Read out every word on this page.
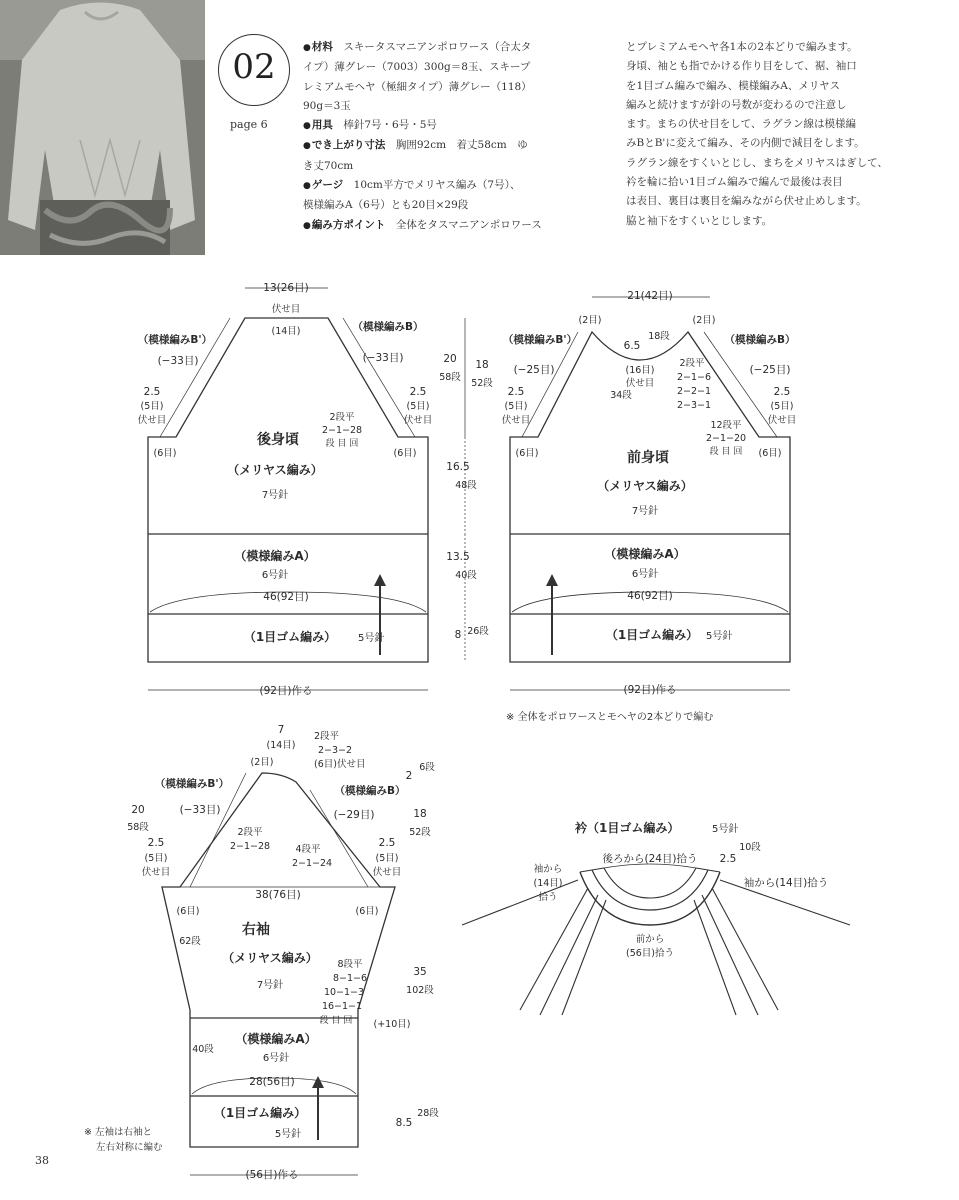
02
page 6

●材料　 スキータスマニアンポロワース（合太タ
イプ）薄グレー（7003）300g＝8玉、スキープ
レミアムモヘヤ（極細タイプ）薄グレー（118）
90g＝3玉

●用具　 棒針7号・6号・5号

●でき上がり寸法　 胸囲92cm　着丈58cm　ゆ
き丈70cm

●ゲージ　 10cm平方でメリヤス編み（7号）、
模様編みA（6号）とも20目×29段

●編み方ポイント　 全体をタスマニアンポロワース

とプレミアムモヘヤ各1本の2本どりで編みます。
身頃、袖とも指でかける作り目をして、裾、袖口
を1目ゴム編みで編み、模様編みA、メリヤス
編みと続けますが針の号数が変わるので注意し
ます。まちの伏せ目をして、ラグラン線は模様編
みBとB'に変えて編み、その内側で減目をします。
ラグラン線をすくいとじし、まちをメリヤスはぎして、
衿を輪に拾い1目ゴム編みで編んで最後は表目
は表目、裏目は裏目を編みながら伏せ止めします。
脇と袖下をすくいとじします。
13(26目)
伏せ目
(14目)
（模様編みB'）
（模様編みB）
(−33目)	(−33目)
2.5
(5目)
伏せ目
2.5
(5目)
伏せ目
(6目)	(6目)
2段平
2−1−28
段 目 回
後身頃
（メリヤス編み）
7号針
（模様編みA）
6号針
46(92目)
（1目ゴム編み） 5号針
(92目)作る
20
58段
16.5
48段
13.5
40段
8 26段
21(42目)
(2目)	(2目)
6.5
18段
(16目)
伏せ目
（模様編みB'）	（模様編みB）
(−25目)	(−25目)
2段平
2−1−6
2−2−1
2−3−1
34段
12段平
2−1−20
段 目 回
18
52段
2.5
(5目)
伏せ目
2.5
(5目)
伏せ目
(6目)	(6目)
前身頃
（メリヤス編み）
7号針
（模様編みA）
6号針
46(92目)
（1目ゴム編み） 5号針
(92目)作る
※ 全体をポロワースとモヘヤの2本どりで編む
7
(14目)
(2目)
2段平
2−3−2
(6目)伏せ目
2
6段
（模様編みB'）
（模様編みB）
(−33目)	(−29目)
20
58段
2.5
(5目)
伏せ目
2.5
(5目)
伏せ目
18
52段
2段平
2−1−28	4段平
2−1−24
38(76目)
(6目)	(6目)
62段
右袖
（メリヤス編み）
7号針
8段平
8−1−6
10−1−3
16−1−1
段 目 回 (+10目)
35
102段
40段
（模様編みA）
6号針
28(56目)
（1目ゴム編み）
5号針
8.5
28段
(56目)作る
※ 左袖は右袖と
左右対称に編む
衿（1目ゴム編み）	5号針
後ろから(24目)拾う
袖から
(14目)
拾う
2.5
10段
袖から(14目)拾う
前から
(56目)拾う
38
